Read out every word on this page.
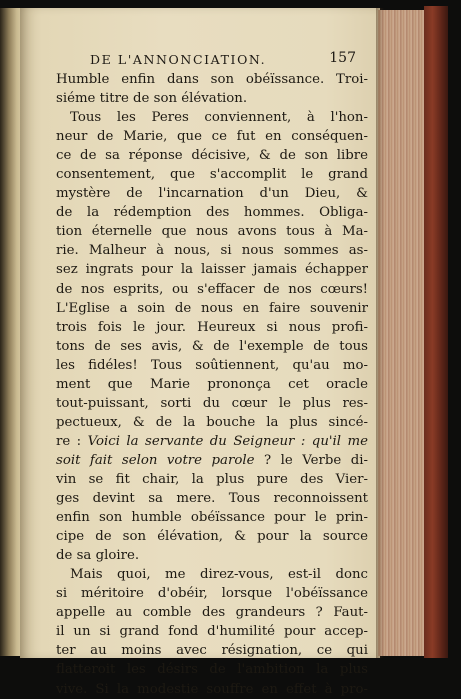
DE L'ANNONCIATION.	157
Humble enfin dans son obéïssance. Troi-
siéme titre de son élévation.
Tous les Peres conviennent, à l'hon-
neur de Marie, que ce fut en conséquen-
ce de sa réponse décisive, & de son libre
consentement, que s'accomplit le grand
mystère de l'incarnation d'un Dieu, &
de la rédemption des hommes. Obliga-
tion éternelle que nous avons tous à Ma-
rie. Malheur à nous, si nous sommes as-
sez ingrats pour la laisser jamais échapper
de nos esprits, ou s'effacer de nos cœurs!
L'Eglise a soin de nous en faire souvenir
trois fois le jour. Heureux si nous profi-
tons de ses avis, & de l'exemple de tous
les fidéles! Tous soûtiennent, qu'au mo-
ment que Marie prononça cet oracle
tout-puissant, sorti du cœur le plus res-
pectueux, & de la bouche la plus sincé-
re : Voici la servante du Seigneur : qu'il me
soit fait selon votre parole ? le Verbe di-
vin se fit chair, la plus pure des Vier-
ges devint sa mere. Tous reconnoissent
enfin son humble obéïssance pour le prin-
cipe de son élévation, & pour la source
de sa gloire.
Mais quoi, me direz-vous, est-il donc
si méritoire d'obéir, lorsque l'obéïssance
appelle au comble des grandeurs ? Faut-
il un si grand fond d'humilité pour accep-
ter au moins avec résignation, ce qui
flatteroit les désirs de l'ambition la plus
vive. Si la modestie souffre en effet à pro-
